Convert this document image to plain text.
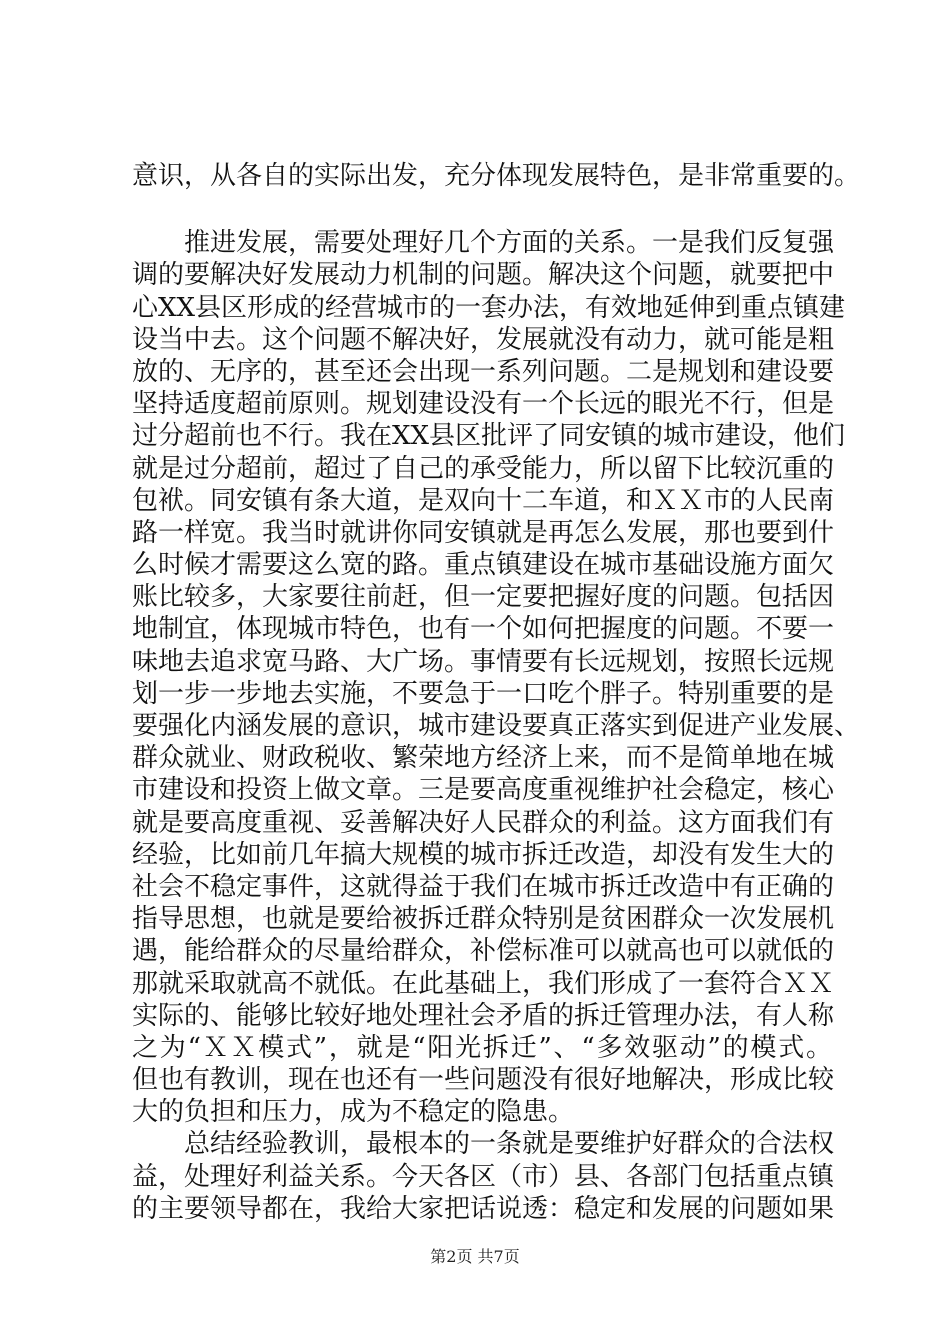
意识，从各自的实际出发，充分体现发展特色，是非常重要的。
推进发展，需要处理好几个方面的关系。一是我们反复强
调的要解决好发展动力机制的问题。解决这个问题，就要把中
心XX县区形成的经营城市的一套办法，有效地延伸到重点镇建
设当中去。这个问题不解决好，发展就没有动力，就可能是粗
放的、无序的，甚至还会出现一系列问题。二是规划和建设要
坚持适度超前原则。规划建设没有一个长远的眼光不行，但是
过分超前也不行。我在XX县区批评了同安镇的城市建设，他们
就是过分超前，超过了自己的承受能力，所以留下比较沉重的
包袱。同安镇有条大道，是双向十二车道，和ＸＸ市的人民南
路一样宽。我当时就讲你同安镇就是再怎么发展，那也要到什
么时候才需要这么宽的路。重点镇建设在城市基础设施方面欠
账比较多，大家要往前赶，但一定要把握好度的问题。包括因
地制宜，体现城市特色，也有一个如何把握度的问题。不要一
味地去追求宽马路、大广场。事情要有长远规划，按照长远规
划一步一步地去实施，不要急于一口吃个胖子。特别重要的是
要强化内涵发展的意识，城市建设要真正落实到促进产业发展、
群众就业、财政税收、繁荣地方经济上来，而不是简单地在城
市建设和投资上做文章。三是要高度重视维护社会稳定，核心
就是要高度重视、妥善解决好人民群众的利益。这方面我们有
经验，比如前几年搞大规模的城市拆迁改造，却没有发生大的
社会不稳定事件，这就得益于我们在城市拆迁改造中有正确的
指导思想，也就是要给被拆迁群众特别是贫困群众一次发展机
遇，能给群众的尽量给群众，补偿标准可以就高也可以就低的
那就采取就高不就低。在此基础上，我们形成了一套符合ＸＸ
实际的、能够比较好地处理社会矛盾的拆迁管理办法，有人称
之为“ＸＸ模式”，就是“阳光拆迁”、“多效驱动”的模式。
但也有教训，现在也还有一些问题没有很好地解决，形成比较
大的负担和压力，成为不稳定的隐患。
总结经验教训，最根本的一条就是要维护好群众的合法权
益，处理好利益关系。今天各区（市）县、各部门包括重点镇
的主要领导都在，我给大家把话说透：稳定和发展的问题如果
第2页 共7页
